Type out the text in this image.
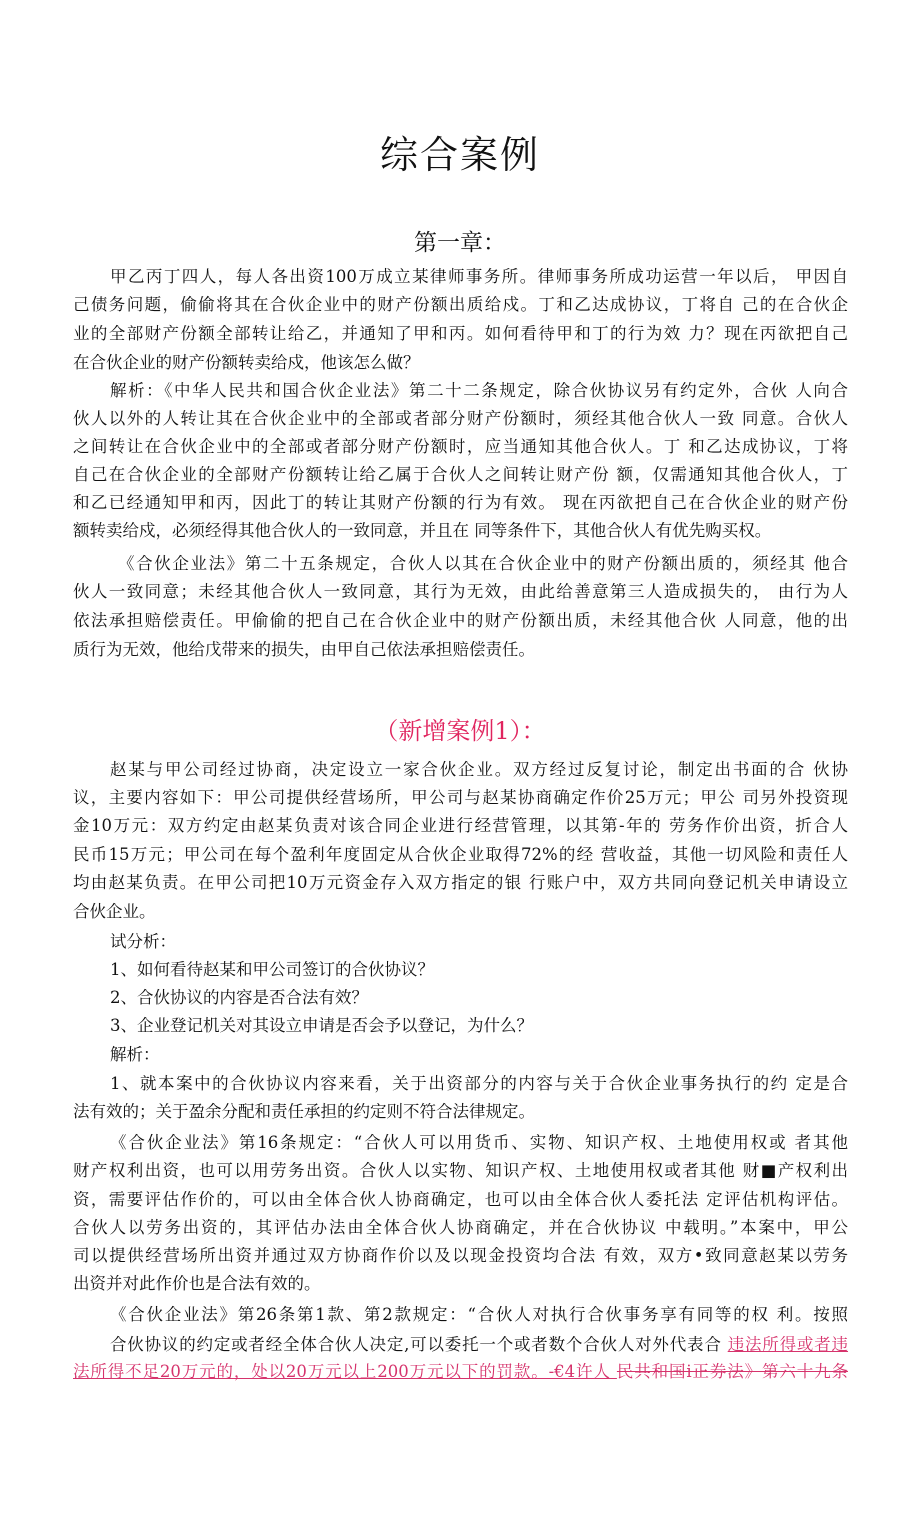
综合案例
第一章：
（新增案例1）：
甲乙丙丁四人，每人各出资100万成立某律师事务所。律师事务所成功运营一年以后， 甲因自
己债务问题，偷偷将其在合伙企业中的财产份额出质给戍。丁和乙达成协议，丁将自 己的在合伙企
业的全部财产份额全部转让给乙，并通知了甲和丙。如何看待甲和丁的行为效 力？现在丙欲把自己
在合伙企业的财产份额转卖给戍，他该怎么做？
解析：《中华人民共和国合伙企业法》第二十二条规定，除合伙协议另有约定外，合伙 人向合
伙人以外的人转让其在合伙企业中的全部或者部分财产份额时，须经其他合伙人一致 同意。合伙人
之间转让在合伙企业中的全部或者部分财产份额时，应当通知其他合伙人。丁 和乙达成协议，丁将
自己在合伙企业的全部财产份额转让给乙属于合伙人之间转让财产份 额，仅需通知其他合伙人，丁
和乙已经通知甲和丙，因此丁的转让其财产份额的行为有效。 现在丙欲把自己在合伙企业的财产份
额转卖给戍，必须经得其他合伙人的一致同意，并且在 同等条件下，其他合伙人有优先购买权。
《合伙企业法》第二十五条规定，合伙人以其在合伙企业中的财产份额出质的，须经其 他合
伙人一致同意；未经其他合伙人一致同意，其行为无效，由此给善意第三人造成损失的， 由行为人
依法承担赔偿责任。甲偷偷的把自己在合伙企业中的财产份额出质，未经其他合伙 人同意，他的出
质行为无效，他给戊带来的损失，由甲自己依法承担赔偿责任。
赵某与甲公司经过协商，决定设立一家合伙企业。双方经过反复讨论，制定出书面的合 伙协
议，主要内容如下：甲公司提供经营场所，甲公司与赵某协商确定作价25万元；甲公 司另外投资现
金10万元：双方约定由赵某负责对该合同企业进行经营管理，以其第-年的 劳务作价出资，折合人
民币15万元；甲公司在每个盈利年度固定从合伙企业取得72%的经 营收益，其他一切风险和责任人
均由赵某负责。在甲公司把10万元资金存入双方指定的银 行账户中，双方共同向登记机关申请设立
合伙企业。
试分析：
1、如何看待赵某和甲公司签订的合伙协议？
2、合伙协议的内容是否合法有效？
3、企业登记机关对其设立申请是否会予以登记，为什么？
解析：
1、就本案中的合伙协议内容来看，关于出资部分的内容与关于合伙企业事务执行的约 定是合
法有效的；关于盈余分配和责任承担的约定则不符合法律规定。
《合伙企业法》第16条规定：“合伙人可以用货币、实物、知识产权、土地使用权或 者其他
财产权利出资，也可以用劳务出资。合伙人以实物、知识产权、土地使用权或者其他 财■产权利出
资，需要评估作价的，可以由全体合伙人协商确定，也可以由全体合伙人委托法 定评估机构评估。
合伙人以劳务出资的，其评估办法由全体合伙人协商确定，并在合伙协议 中载明。”本案中，甲公
司以提供经营场所出资并通过双方协商作价以及以现金投资均合法 有效，双方•致同意赵某以劳务
出资并对此作价也是合法有效的。
《合伙企业法》第26条第1款、第2款规定：“合伙人对执行合伙事务享有同等的权 利。按照
合伙协议的约定或者经全体合伙人决定,可以委托一个或者数个合伙人对外代表合 违法所得或者违
法所得不足20万元的，处以20万元以上200万元以下的罚款。-€4许人 民共和国i正券法》第六十九条
